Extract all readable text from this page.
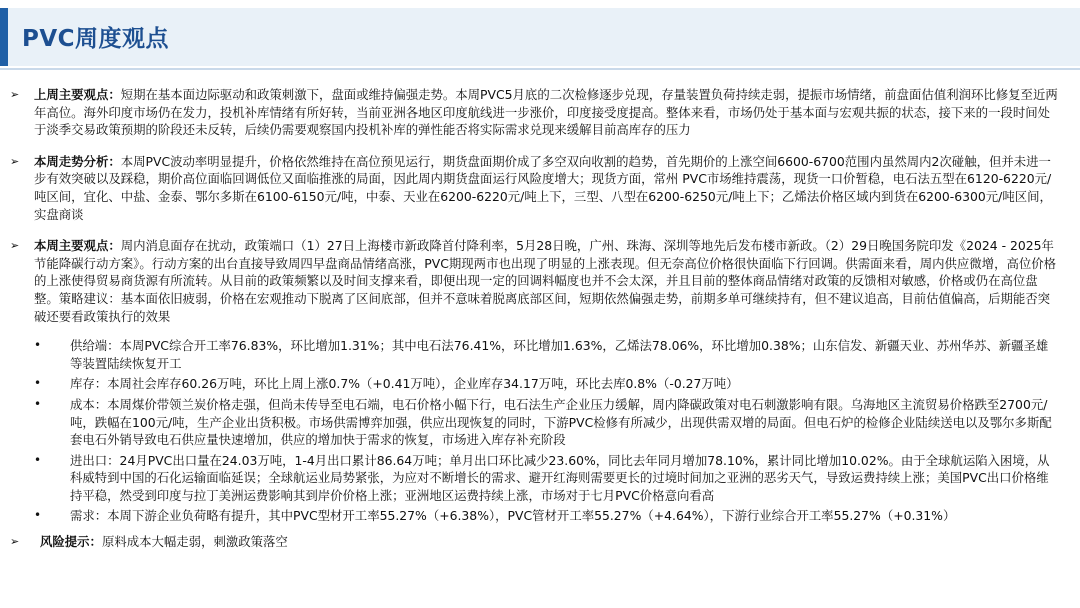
PVC周度观点
➢ 上周主要观点：短期在基本面边际驱动和政策刺激下，盘面或维持偏强走势。本周PVC5月底的二次检修逐步兑现，存量装置负荷持续走弱，提振市场情绪，前盘面估值利润环比修复至近两年高位。海外印度市场仍在发力，投机补库情绪有所好转，当前亚洲各地区印度航线进一步涨价，印度接受度提高。整体来看，市场仍处于基本面与宏观共振的状态，接下来的一段时间处于淡季交易政策预期的阶段还未反转，后续仍需要观察国内投机补库的弹性能否将实际需求兑现来缓解目前高库存的压力
➢ 本周走势分析：本周PVC波动率明显提升，价格依然维持在高位预见运行，期货盘面期价成了多空双向收割的趋势，首先期价的上涨空间6600-6700范围内虽然周内2次碰触，但并未进一步有效突破以及踩稳，期价高位面临回调低位又面临推涨的局面，因此周内期货盘面运行风险度增大；现货方面，常州 PVC市场维持震荡，现货一口价暂稳，电石法五型在6120-6220元/吨区间，宜化、中盐、金泰、鄂尔多斯在6100-6150元/吨，中泰、天业在6200-6220元/吨上下，三型、八型在6200-6250元/吨上下；乙烯法价格区域内到货在6200-6300元/吨区间，实盘商谈
➢ 本周主要观点：周内消息面存在扰动，政策端口（1）27日上海楼市新政降首付降利率，5月28日晚，广州、珠海、深圳等地先后发布楼市新政。（2）29日晚国务院印发《2024 - 2025年节能降碳行动方案》。行动方案的出台直接导致周四早盘商品情绪高涨，PVC期现两市也出现了明显的上涨表现。但无奈高位价格很快面临下行回调。供需面来看，周内供应微增，高位价格的上涨使得贸易商货源有所流转。从目前的政策频繁以及时间支撑来看，即便出现一定的回调料幅度也并不会太深，并且目前的整体商品情绪对政策的反馈相对敏感，价格或仍在高位盘整。策略建议：基本面依旧疲弱，价格在宏观推动下脱离了区间底部，但并不意味着脱离底部区间，短期依然偏强走势，前期多单可继续持有，但不建议追高，目前估值偏高，后期能否突破还要看政策执行的效果
• 供给端：本周PVC综合开工率76.83%，环比增加1.31%；其中电石法76.41%，环比增加1.63%，乙烯法78.06%，环比增加0.38%；山东信发、新疆天业、苏州华苏、新疆圣雄等装置陆续恢复开工
• 库存：本周社会库存60.26万吨，环比上周上涨0.7%（+0.41万吨），企业库存34.17万吨，环比去库0.8%（-0.27万吨）
• 成本：本周煤价带领兰炭价格走强，但尚未传导至电石端，电石价格小幅下行，电石法生产企业压力缓解，周内降碳政策对电石刺激影响有限。乌海地区主流贸易价格跌至2700元/吨，跌幅在100元/吨，生产企业出货积极。市场供需博弈加强，供应出现恢复的同时，下游PVC检修有所减少，出现供需双增的局面。但电石炉的检修企业陆续送电以及鄂尔多斯配套电石外销导致电石供应量快速增加，供应的增加快于需求的恢复，市场进入库存补充阶段
• 进出口：24月PVC出口量在24.03万吨，1-4月出口累计86.64万吨；单月出口环比减少23.60%，同比去年同月增加78.10%，累计同比增加10.02%。由于全球航运陷入困境，从科威特到中国的石化运输面临延误；全球航运业局势紧张，为应对不断增长的需求、避开红海则需要更长的过境时间加之亚洲的恶劣天气，导致运费持续上涨；美国PVC出口价格维持平稳，然受到印度与拉丁美洲运费影响其到岸价价格上涨；亚洲地区运费持续上涨，市场对于七月PVC价格意向看高
• 需求：本周下游企业负荷略有提升，其中PVC型材开工率55.27%（+6.38%），PVC管材开工率55.27%（+4.64%），下游行业综合开工率55.27%（+0.31%）
➢ 风险提示：原料成本大幅走弱，刺激政策落空
